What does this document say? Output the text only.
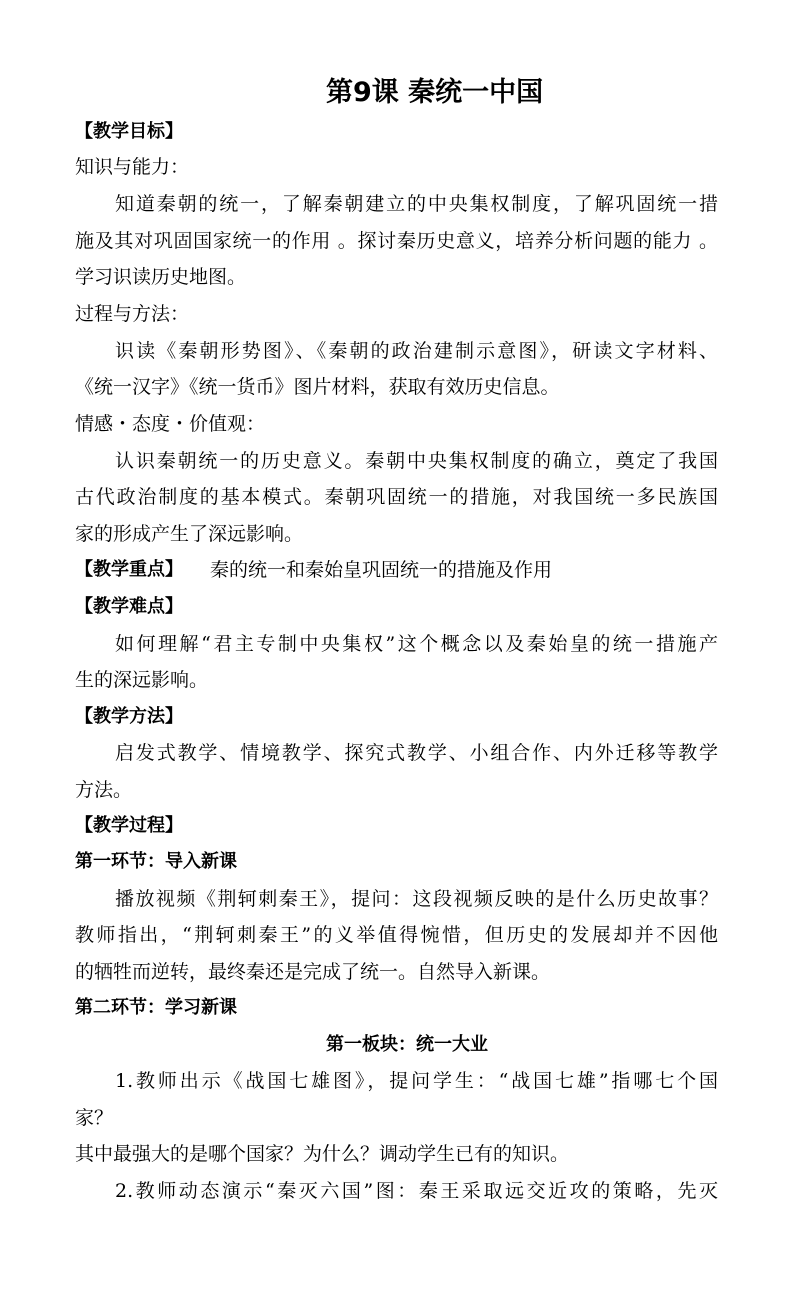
第9课 秦统一中国
【教学目标】
知识与能力：
知道秦朝的统一，了解秦朝建立的中央集权制度，了解巩固统一措
施及其对巩固国家统一的作用 。探讨秦历史意义，培养分析问题的能力 。
学习识读历史地图。
过程与方法：
识读《秦朝形势图》、《秦朝的政治建制示意图》，研读文字材料、
《统一汉字》《统一货币》图片材料，获取有效历史信息。
情感・态度・价值观：
认识秦朝统一的历史意义。秦朝中央集权制度的确立，奠定了我国
古代政治制度的基本模式。秦朝巩固统一的措施，对我国统一多民族国
家的形成产生了深远影响。
【教学重点】 秦的统一和秦始皇巩固统一的措施及作用
【教学难点】
如何理解“君主专制中央集权”这个概念以及秦始皇的统一措施产
生的深远影响。
【教学方法】
启发式教学、情境教学、探究式教学、小组合作、内外迁移等教学
方法。
【教学过程】
第一环节：导入新课
播放视频《荆轲刺秦王》，提问：这段视频反映的是什么历史故事？
教师指出，“荆轲刺秦王”的义举值得惋惜，但历史的发展却并不因他
的牺牲而逆转，最终秦还是完成了统一。自然导入新课。
第二环节：学习新课
第一板块：统一大业
1.教师出示《战国七雄图》，提问学生：“战国七雄”指哪七个国
家？
其中最强大的是哪个国家？为什么？调动学生已有的知识。
2.教师动态演示“秦灭六国”图：秦王采取远交近攻的策略，先灭
